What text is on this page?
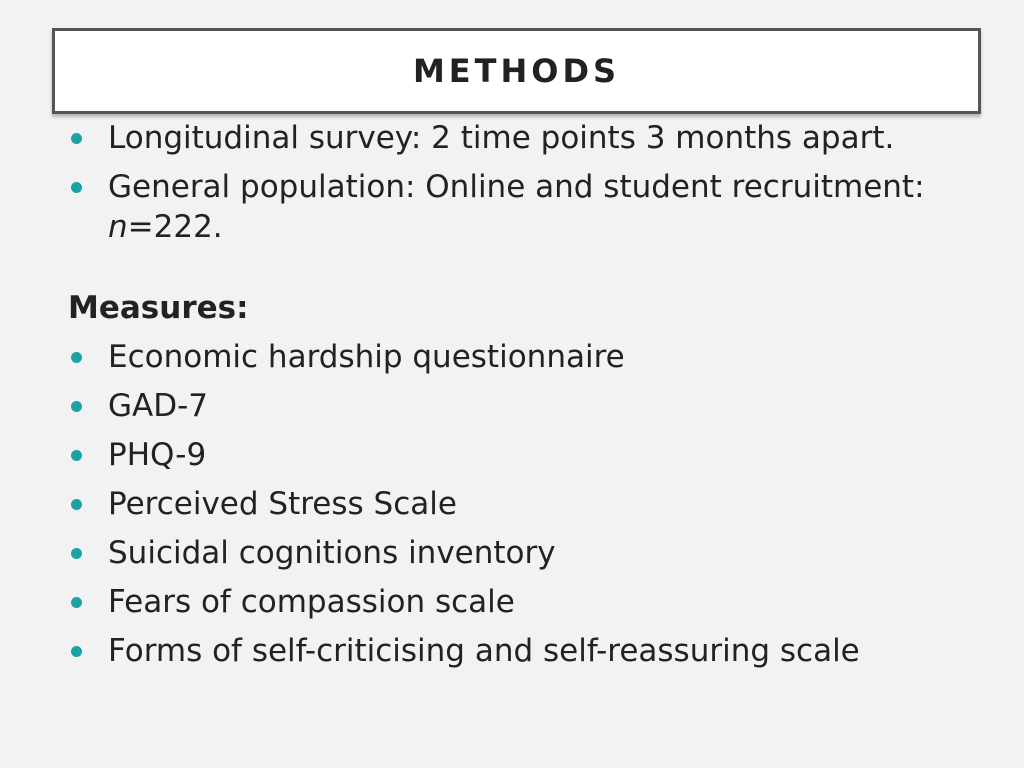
METHODS
Longitudinal survey: 2 time points 3 months apart.
General population: Online and student recruitment: n=222.
Measures:
Economic hardship questionnaire
GAD-7
PHQ-9
Perceived Stress Scale
Suicidal cognitions inventory
Fears of compassion scale
Forms of self-criticising and self-reassuring scale
